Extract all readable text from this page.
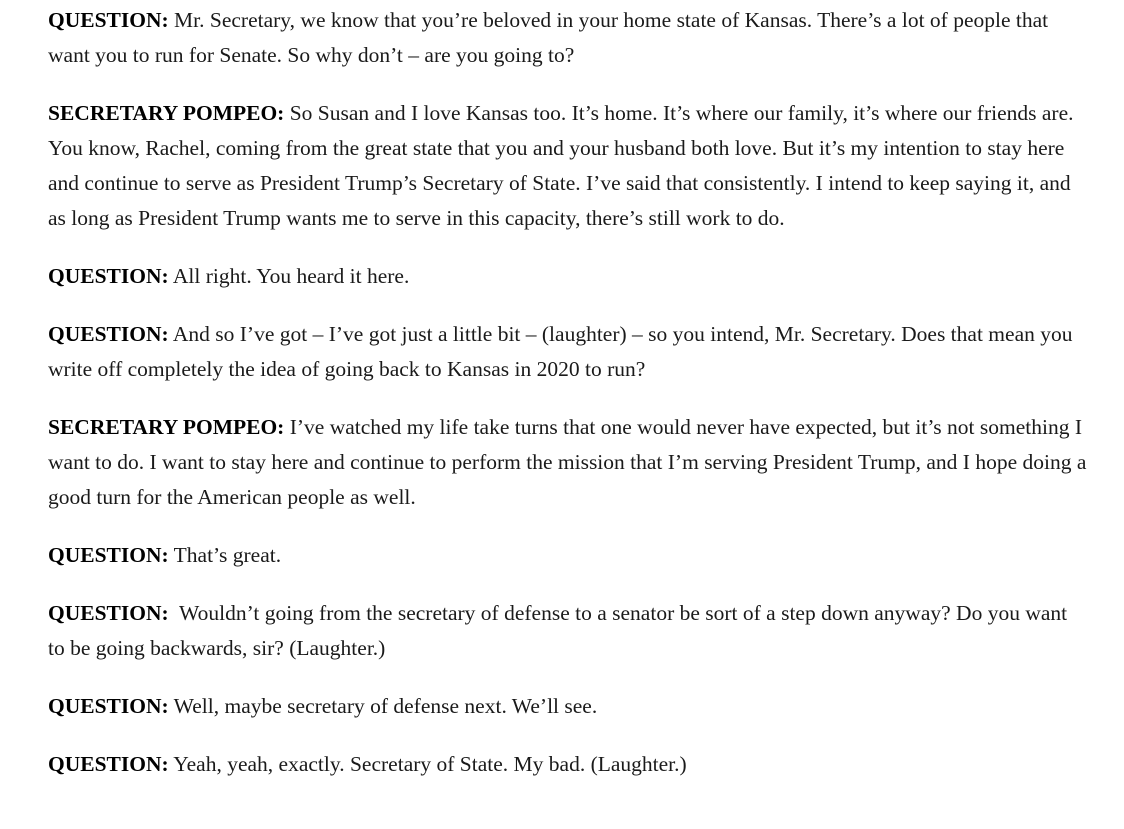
QUESTION: Mr. Secretary, we know that you’re beloved in your home state of Kansas. There’s a lot of people that want you to run for Senate. So why don’t – are you going to?

SECRETARY POMPEO: So Susan and I love Kansas too. It’s home. It’s where our family, it’s where our friends are. You know, Rachel, coming from the great state that you and your husband both love. But it’s my intention to stay here and continue to serve as President Trump’s Secretary of State. I’ve said that consistently. I intend to keep saying it, and as long as President Trump wants me to serve in this capacity, there’s still work to do.

QUESTION: All right. You heard it here.

QUESTION: And so I’ve got – I’ve got just a little bit – (laughter) – so you intend, Mr. Secretary. Does that mean you write off completely the idea of going back to Kansas in 2020 to run?

SECRETARY POMPEO: I’ve watched my life take turns that one would never have expected, but it’s not something I want to do. I want to stay here and continue to perform the mission that I’m serving President Trump, and I hope doing a good turn for the American people as well.

QUESTION: That’s great.

QUESTION:  Wouldn’t going from the secretary of defense to a senator be sort of a step down anyway? Do you want to be going backwards, sir? (Laughter.)

QUESTION: Well, maybe secretary of defense next. We’ll see.

QUESTION: Yeah, yeah, exactly. Secretary of State. My bad. (Laughter.)
